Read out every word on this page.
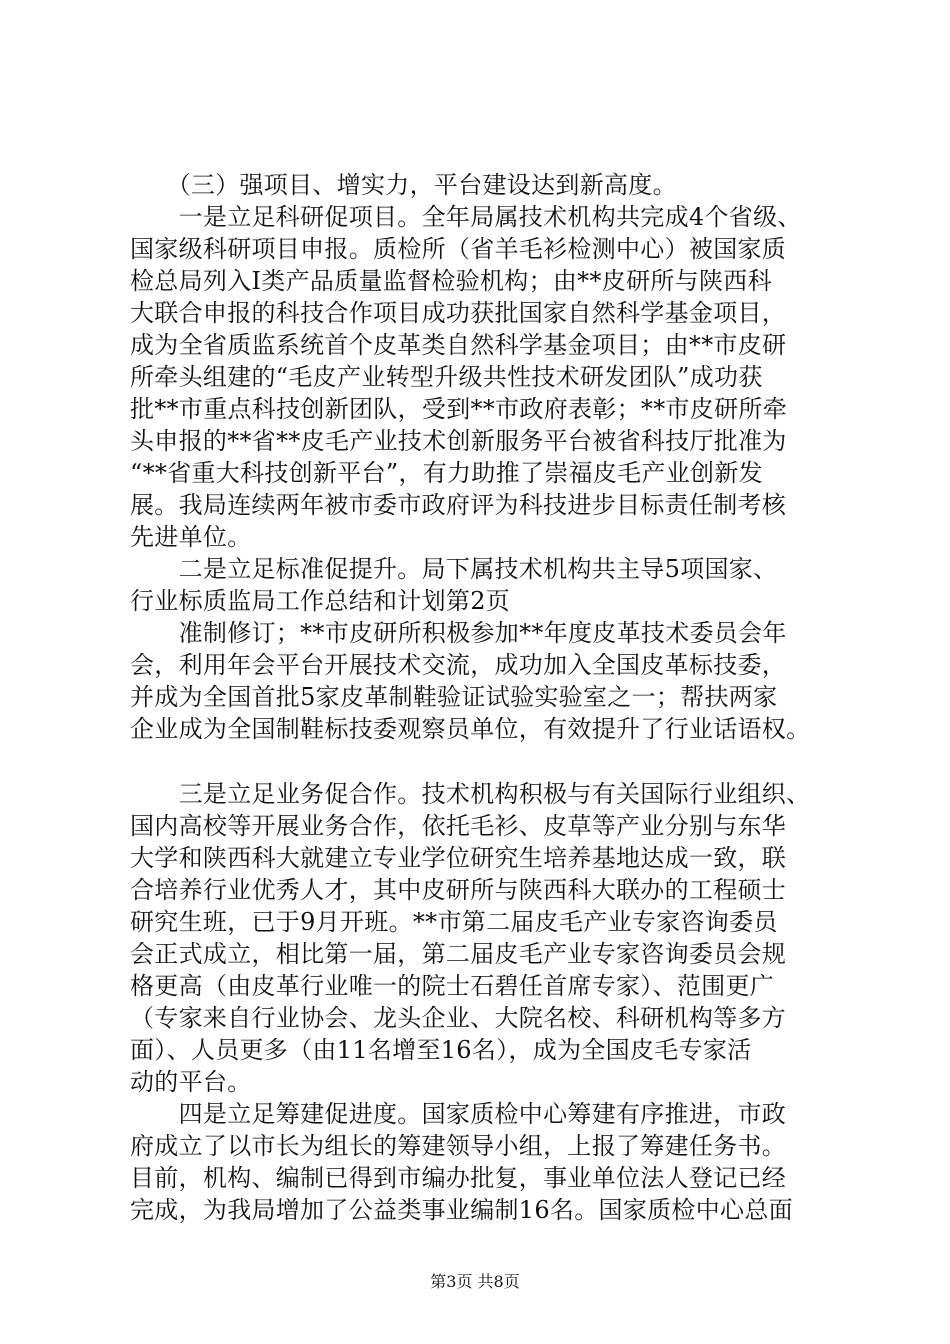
　　（三）强项目、增实力，平台建设达到新高度。
　　一是立足科研促项目。全年局属技术机构共完成4个省级、
国家级科研项目申报。质检所（省羊毛衫检测中心）被国家质
检总局列入Ⅰ类产品质量监督检验机构；由**皮研所与陕西科
大联合申报的科技合作项目成功获批国家自然科学基金项目，
成为全省质监系统首个皮革类自然科学基金项目；由**市皮研
所牵头组建的“毛皮产业转型升级共性技术研发团队”成功获
批**市重点科技创新团队，受到**市政府表彰；**市皮研所牵
头申报的**省**皮毛产业技术创新服务平台被省科技厅批准为
“**省重大科技创新平台”，有力助推了崇福皮毛产业创新发
展。我局连续两年被市委市政府评为科技进步目标责任制考核
先进单位。
　　二是立足标准促提升。局下属技术机构共主导5项国家、
行业标质监局工作总结和计划第2页
　　准制修订；**市皮研所积极参加**年度皮革技术委员会年
会，利用年会平台开展技术交流，成功加入全国皮革标技委，
并成为全国首批5家皮革制鞋验证试验实验室之一；帮扶两家
企业成为全国制鞋标技委观察员单位，有效提升了行业话语权。
　　三是立足业务促合作。技术机构积极与有关国际行业组织、
国内高校等开展业务合作，依托毛衫、皮草等产业分别与东华
大学和陕西科大就建立专业学位研究生培养基地达成一致，联
合培养行业优秀人才，其中皮研所与陕西科大联办的工程硕士
研究生班，已于9月开班。**市第二届皮毛产业专家咨询委员
会正式成立，相比第一届，第二届皮毛产业专家咨询委员会规
格更高（由皮革行业唯一的院士石碧任首席专家）、范围更广
（专家来自行业协会、龙头企业、大院名校、科研机构等多方
面）、人员更多（由11名增至16名），成为全国皮毛专家活
动的平台。
　　四是立足筹建促进度。国家质检中心筹建有序推进，市政
府成立了以市长为组长的筹建领导小组，上报了筹建任务书。
目前，机构、编制已得到市编办批复，事业单位法人登记已经
完成，为我局增加了公益类事业编制16名。国家质检中心总面
第3页 共8页
